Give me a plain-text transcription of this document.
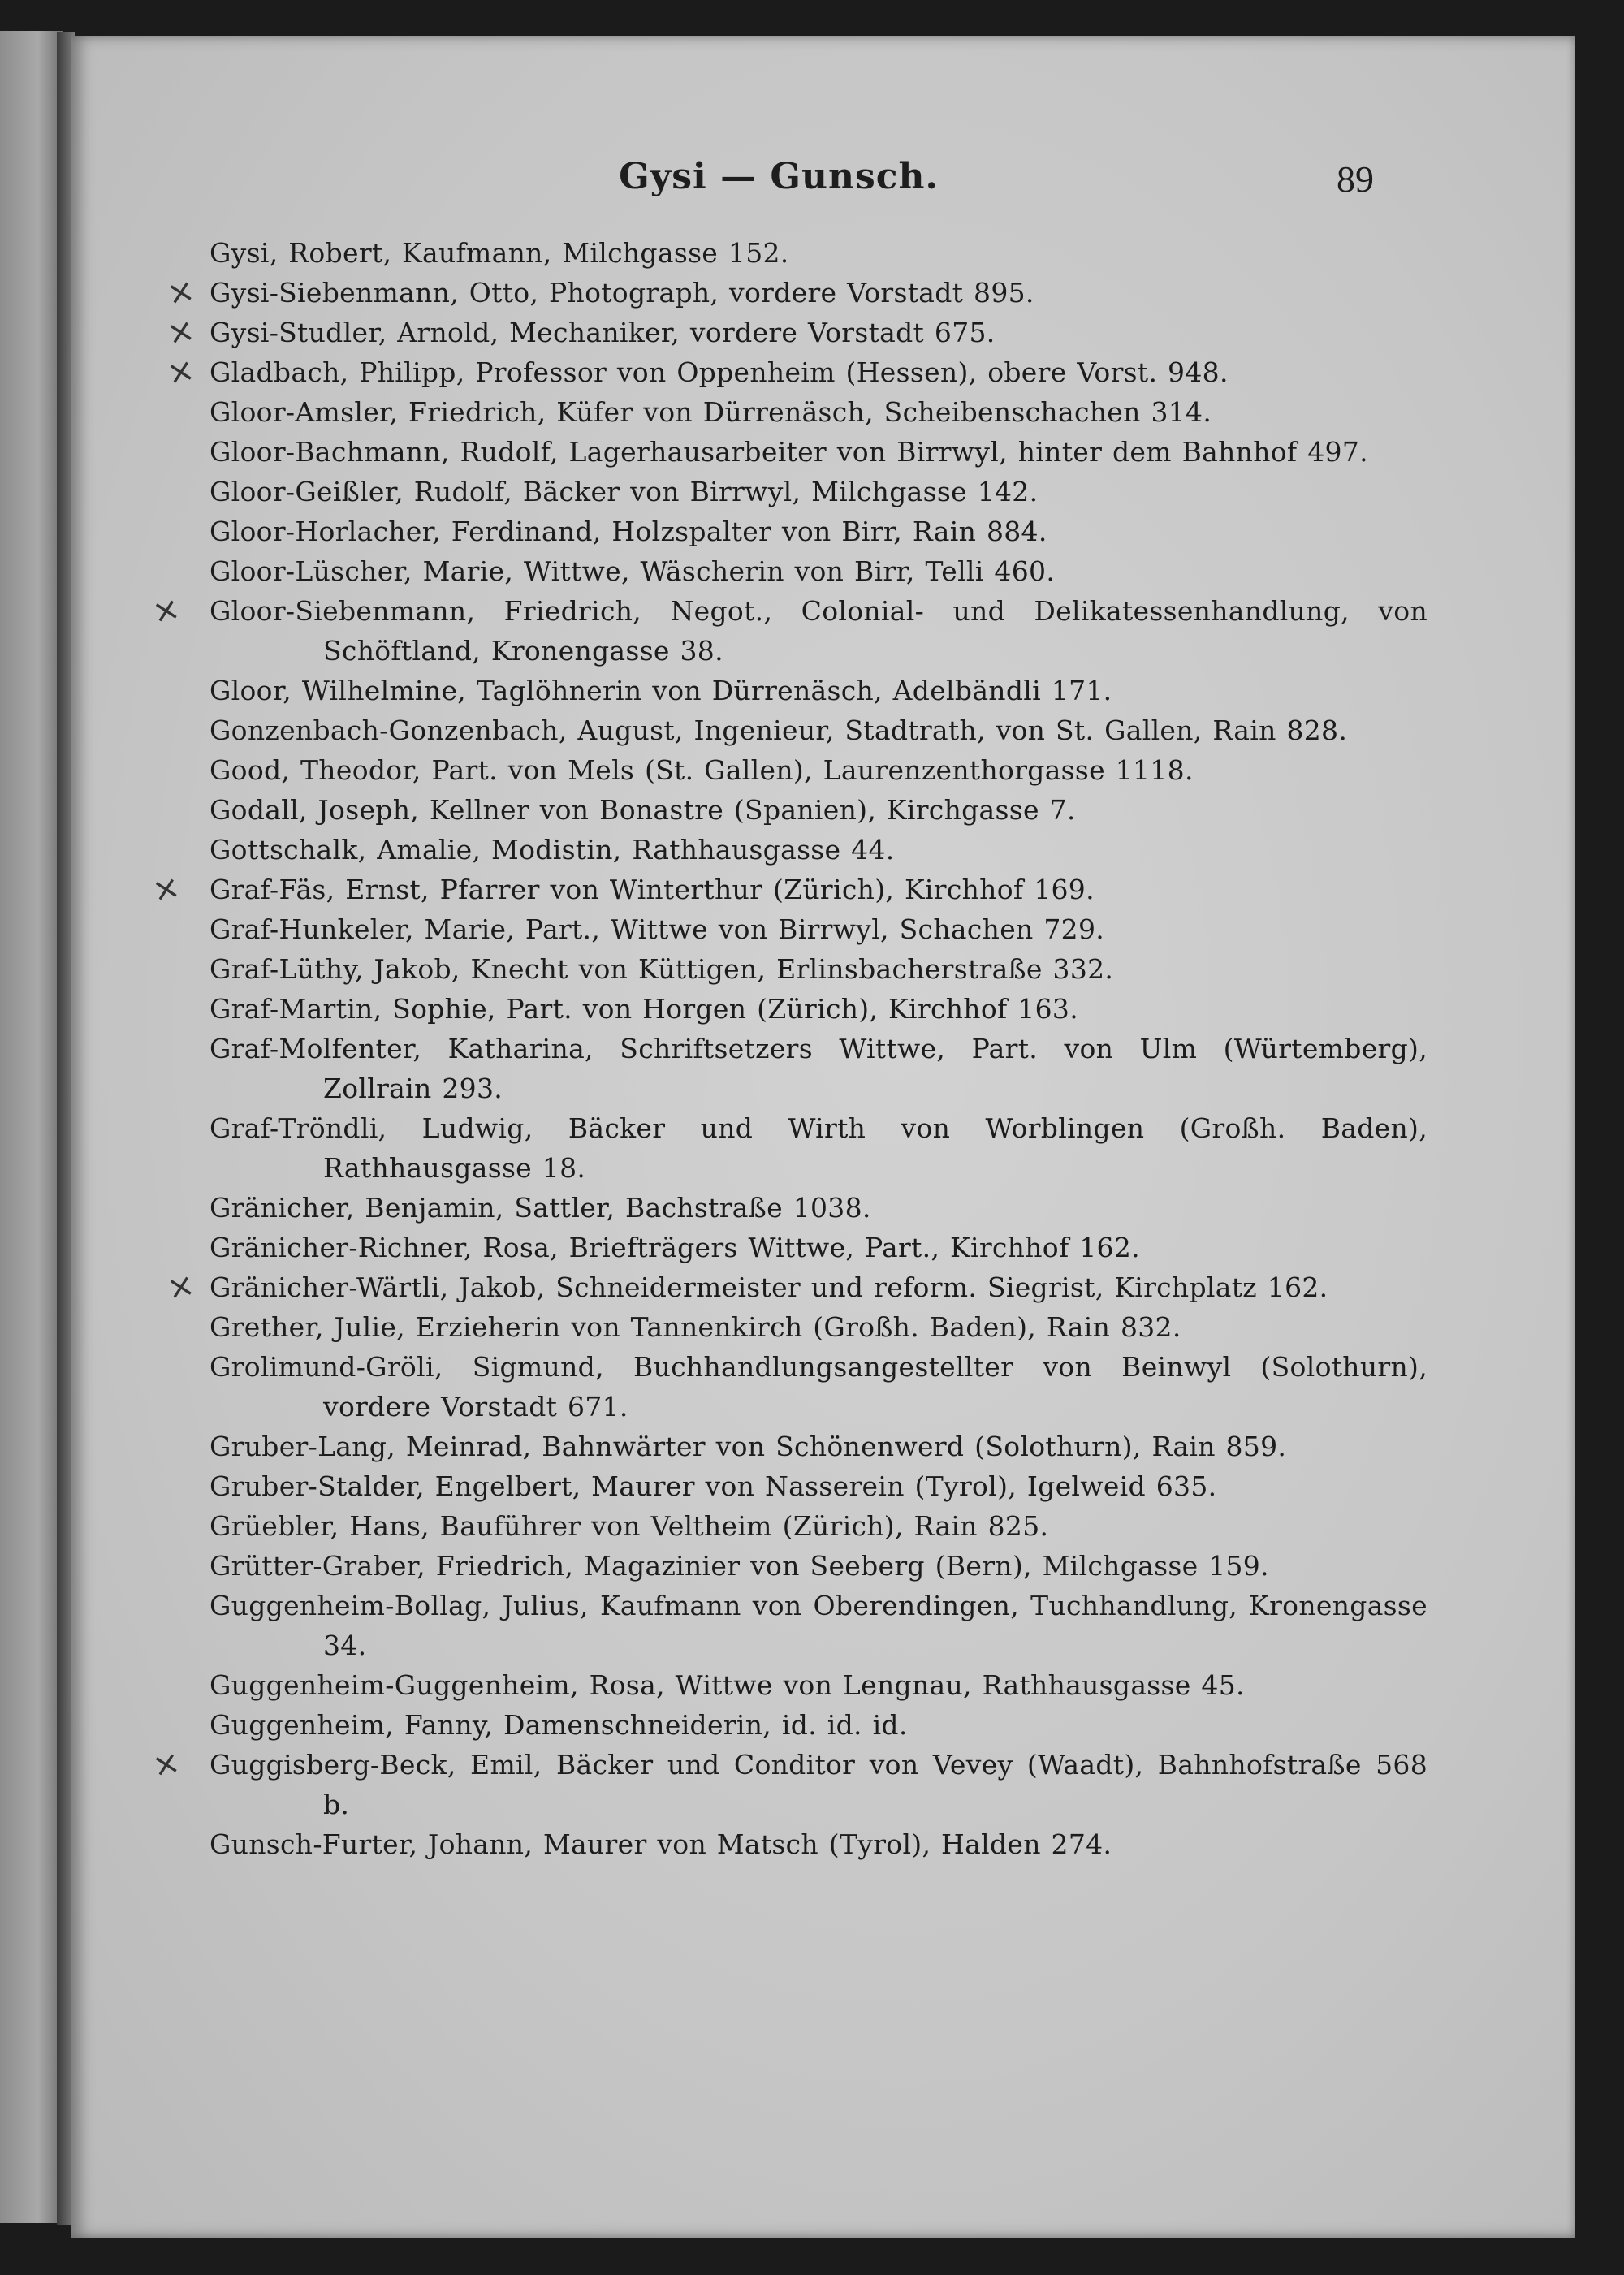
Gysi — Gunsch.	89
Gysi, Robert, Kaufmann, Milchgasse 152.
× Gysi-Siebenmann, Otto, Photograph, vordere Vorstadt 895.
× Gysi-Studler, Arnold, Mechaniker, vordere Vorstadt 675.
× Gladbach, Philipp, Professor von Oppenheim (Hessen), obere Vorst. 948.
Gloor-Amsler, Friedrich, Küfer von Dürrenäsch, Scheibenschachen 314.
Gloor-Bachmann, Rudolf, Lagerhausarbeiter von Birrwyl, hinter dem Bahnhof 497.
Gloor-Geißler, Rudolf, Bäcker von Birrwyl, Milchgasse 142.
Gloor-Horlacher, Ferdinand, Holzspalter von Birr, Rain 884.
Gloor-Lüscher, Marie, Wittwe, Wäscherin von Birr, Telli 460.
× Gloor-Siebenmann, Friedrich, Negot., Colonial- und Delikatessenhandlung, von Schöftland, Kronengasse 38.
Gloor, Wilhelmine, Taglöhnerin von Dürrenäsch, Adelbändli 171.
Gonzenbach-Gonzenbach, August, Ingenieur, Stadtrath, von St. Gallen, Rain 828.
Good, Theodor, Part. von Mels (St. Gallen), Laurenzenthorgasse 1118.
Godall, Joseph, Kellner von Bonastre (Spanien), Kirchgasse 7.
Gottschalk, Amalie, Modistin, Rathhausgasse 44.
× Graf-Fäs, Ernst, Pfarrer von Winterthur (Zürich), Kirchhof 169.
Graf-Hunkeler, Marie, Part., Wittwe von Birrwyl, Schachen 729.
Graf-Lüthy, Jakob, Knecht von Küttigen, Erlinsbacherstraße 332.
Graf-Martin, Sophie, Part. von Horgen (Zürich), Kirchhof 163.
Graf-Molfenter, Katharina, Schriftsetzers Wittwe, Part. von Ulm (Würtemberg), Zollrain 293.
Graf-Tröndli, Ludwig, Bäcker und Wirth von Worblingen (Großh. Baden), Rathhausgasse 18.
Gränicher, Benjamin, Sattler, Bachstraße 1038.
Gränicher-Richner, Rosa, Briefträgers Wittwe, Part., Kirchhof 162.
× Gränicher-Wärtli, Jakob, Schneidermeister und reform. Siegrist, Kirchplatz 162.
Grether, Julie, Erzieherin von Tannenkirch (Großh. Baden), Rain 832.
Grolimund-Gröli, Sigmund, Buchhandlungsangestellter von Beinwyl (Solothurn), vordere Vorstadt 671.
Gruber-Lang, Meinrad, Bahnwärter von Schönenwerd (Solothurn), Rain 859.
Gruber-Stalder, Engelbert, Maurer von Nasserein (Tyrol), Igelweid 635.
Grüebler, Hans, Bauführer von Veltheim (Zürich), Rain 825.
Grütter-Graber, Friedrich, Magazinier von Seeberg (Bern), Milchgasse 159.
Guggenheim-Bollag, Julius, Kaufmann von Oberendingen, Tuchhandlung, Kronengasse 34.
Guggenheim-Guggenheim, Rosa, Wittwe von Lengnau, Rathhausgasse 45.
Guggenheim, Fanny, Damenschneiderin, id. id. id.
× Guggisberg-Beck, Emil, Bäcker und Conditor von Vevey (Waadt), Bahnhofstraße 568 b.
Gunsch-Furter, Johann, Maurer von Matsch (Tyrol), Halden 274.
